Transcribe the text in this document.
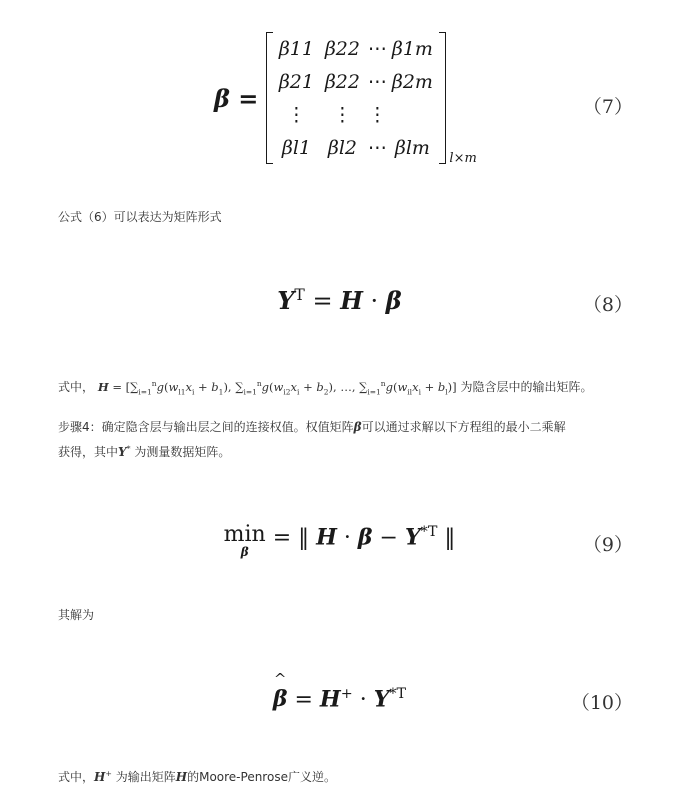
β =
β11 β22 ⋯ β1m
β21 β22 ⋯ β2m
⋮	⋮ ⋮
βl1 βl2 ⋯ βlm	l×m
（7）
公式（6）可以表达为矩阵形式
$Y^T = H \cdot \beta$	（8）
式中， $H = [\sum_{i=1}^ng(w_{l1}x_i + b_1)$, $\sum_{i=1}^ng(w_{i2}x_i + b_2)$, …, $\sum_{i=1}^ng(w_{il}x_i + b_l)$] 为隐含层中的输出矩阵。
步骤4：确定隐含层与输出层之间的连接权值。权值矩阵β可以通过求解以下方程组的最小二乘解
获得，其中Y* 为测量数据矩阵。
min

β
= ‖ $H \cdot \beta - Y^{*T}$ ‖	（9）
其解为
^ $\beta = H^+ \cdot Y^{*T}$	（10）
式中，H+ 为输出矩阵H的Moore-Penrose广义逆。
